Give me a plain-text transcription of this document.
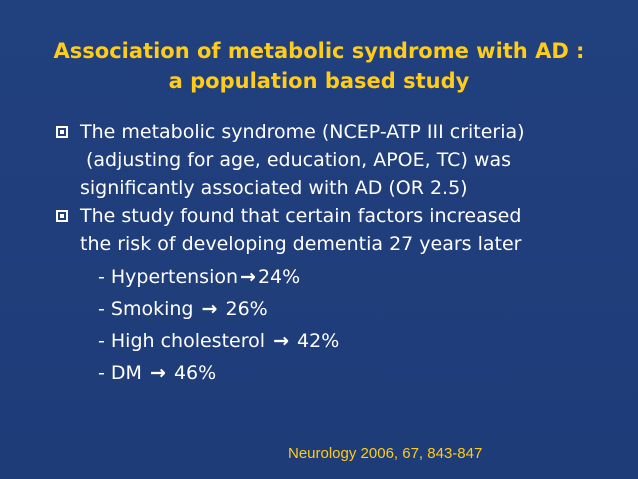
Association of metabolic syndrome with AD :
a population based study
The metabolic syndrome (NCEP-ATP III criteria)
(adjusting for age, education, APOE, TC) was
significantly associated with AD (OR 2.5)
The study found that certain factors increased
the risk of developing dementia 27 years later
- Hypertension → 24%
- Smoking → 26%
- High cholesterol → 42%
- DM → 46%
Neurology 2006, 67, 843-847
